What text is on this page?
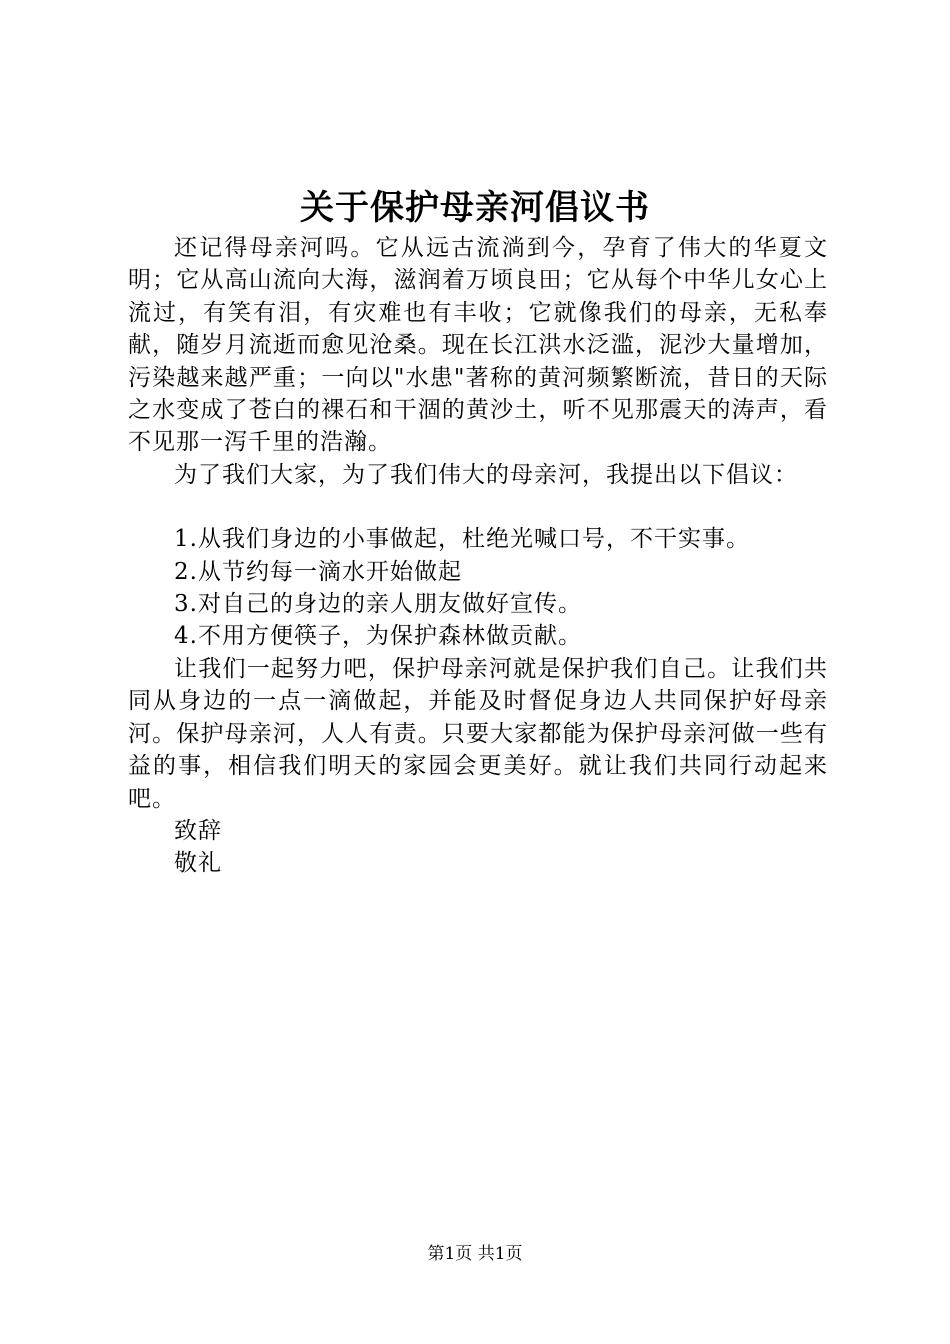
关于保护母亲河倡议书

还记得母亲河吗。它从远古流淌到今，孕育了伟大的华夏文明；它从高山流向大海，滋润着万顷良田；它从每个中华儿女心上流过，有笑有泪，有灾难也有丰收；它就像我们的母亲，无私奉献，随岁月流逝而愈见沧桑。现在长江洪水泛滥，泥沙大量增加，污染越来越严重；一向以"水患"著称的黄河频繁断流，昔日的天际之水变成了苍白的裸石和干涸的黄沙土，听不见那震天的涛声，看不见那一泻千里的浩瀚。

为了我们大家，为了我们伟大的母亲河，我提出以下倡议：

1.从我们身边的小事做起，杜绝光喊口号，不干实事。

2.从节约每一滴水开始做起

3.对自己的身边的亲人朋友做好宣传。

4.不用方便筷子，为保护森林做贡献。

让我们一起努力吧，保护母亲河就是保护我们自己。让我们共同从身边的一点一滴做起，并能及时督促身边人共同保护好母亲河。保护母亲河，人人有责。只要大家都能为保护母亲河做一些有益的事，相信我们明天的家园会更美好。就让我们共同行动起来吧。

致辞

敬礼

第1页 共1页
